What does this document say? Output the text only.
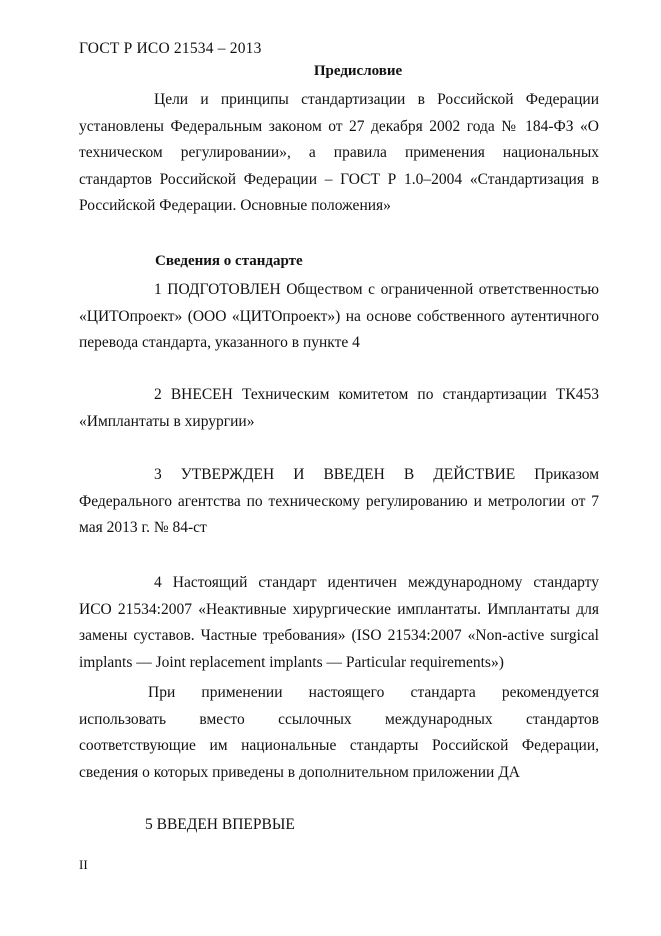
ГОСТ Р ИСО 21534 – 2013
Предисловие
Цели и принципы стандартизации в Российской Федерации
установлены Федеральным законом от 27 декабря 2002 года № 184-ФЗ «О
техническом регулировании», а правила применения национальных
стандартов Российской Федерации – ГОСТ Р 1.0–2004 «Стандартизация в
Российской Федерации. Основные положения»
Сведения о стандарте
1 ПОДГОТОВЛЕН Обществом с ограниченной ответственностью
«ЦИТОпроект» (ООО «ЦИТОпроект») на основе собственного аутентичного
перевода стандарта, указанного в пункте 4
2 ВНЕСЕН Техническим комитетом по стандартизации ТК453
«Имплантаты в хирургии»
3 УТВЕРЖДЕН И ВВЕДЕН В ДЕЙСТВИЕ Приказом
Федерального агентства по техническому регулированию и метрологии от 7
мая 2013 г. № 84-ст
4 Настоящий стандарт идентичен международному стандарту
ИСО 21534:2007 «Неактивные хирургические имплантаты. Имплантаты для
замены суставов. Частные требования» (ISO 21534:2007 «Non-active surgical
implants — Joint replacement implants — Particular requirements»)
При применении настоящего стандарта рекомендуется
использовать вместо ссылочных международных стандартов
соответствующие им национальные стандарты Российской Федерации,
сведения о которых приведены в дополнительном приложении ДА
5 ВВЕДЕН ВПЕРВЫЕ
II
